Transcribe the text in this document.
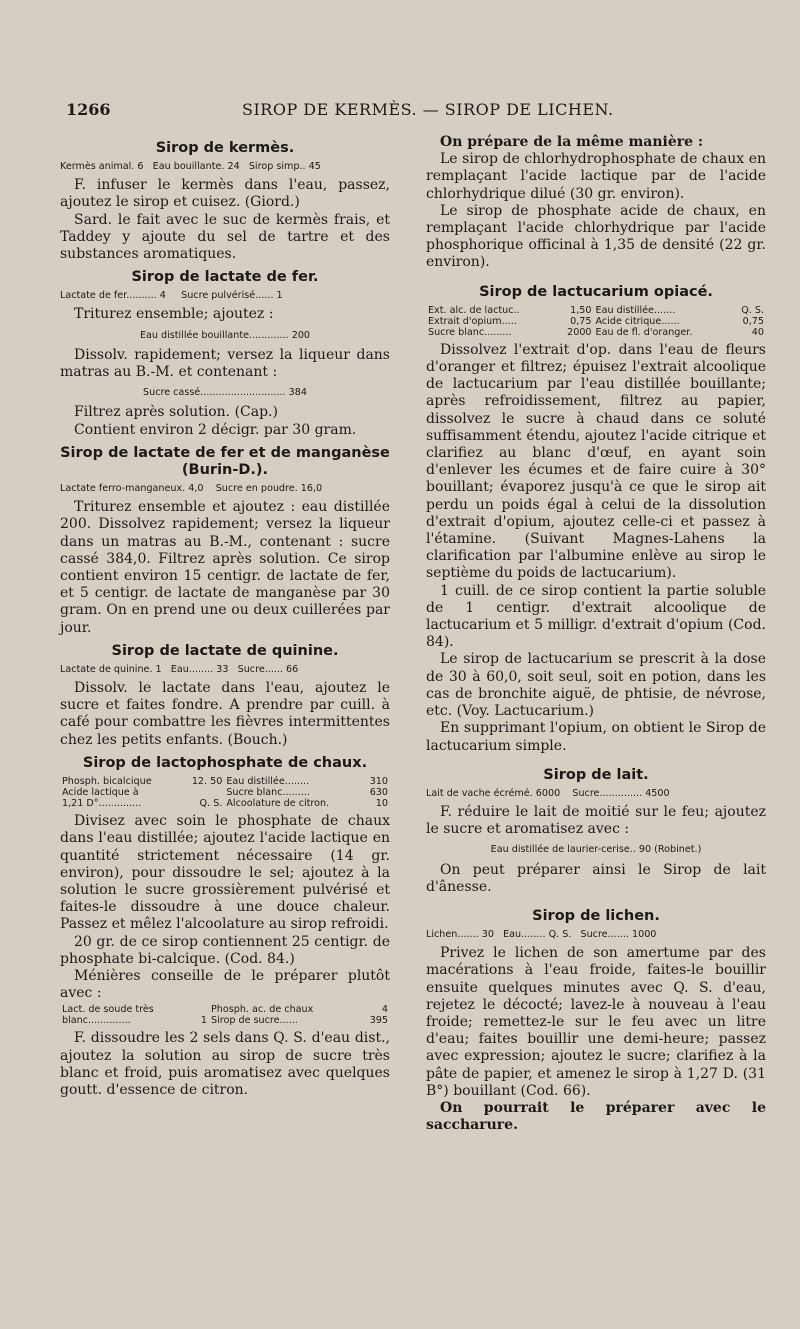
1266	SIROP DE KERMÈS. — SIROP DE LICHEN.
Sirop de kermès.
Kermès animal. 6   Eau bouillante. 24   Sirop simp.. 45

F. infuser le kermès dans l'eau, passez, ajoutez le sirop et cuisez. (Giord.)

Sard. le fait avec le suc de kermès frais, et Taddey y ajoute du sel de tartre et des substances aromatiques.

Sirop de lactate de fer.
Lactate de fer.......... 4     Sucre pulvérisé...... 1

Triturez ensemble; ajoutez :

Eau distillée bouillante............. 200

Dissolv. rapidement; versez la liqueur dans matras au B.-M. et contenant :

Sucre cassé............................ 384

Filtrez après solution. (Cap.)

Contient environ 2 décigr. par 30 gram.

Sirop de lactate de fer et de manganèse (Burin-D.).
Lactate ferro-manganeux. 4,0    Sucre en poudre. 16,0

Triturez ensemble et ajoutez : eau distillée 200. Dissolvez rapidement; versez la liqueur dans un matras au B.-M., contenant : sucre cassé 384,0. Filtrez après solution. Ce sirop contient environ 15 centigr. de lactate de fer, et 5 centigr. de lactate de manganèse par 30 gram. On en prend une ou deux cuillerées par jour.

Sirop de lactate de quinine.
Lactate de quinine. 1   Eau........ 33   Sucre...... 66

Dissolv. le lactate dans l'eau, ajoutez le sucre et faites fondre. A prendre par cuill. à café pour combattre les fièvres intermittentes chez les petits enfants. (Bouch.)

Sirop de lactophosphate de chaux.
Phosph. bicalcique	12. 50	Eau distillée........	310
Acide lactique à		Sucre blanc.........	630
1,21 D°..............	Q. S.	Alcoolature de citron.	10

Divisez avec soin le phosphate de chaux dans l'eau distillée; ajoutez l'acide lactique en quantité strictement nécessaire (14 gr. environ), pour dissoudre le sel; ajoutez à la solution le sucre grossièrement pulvérisé et faites-le dissoudre à une douce chaleur. Passez et mêlez l'alcoolature au sirop refroidi.

20 gr. de ce sirop contiennent 25 centigr. de phosphate bi-calcique. (Cod. 84.)

Ménières conseille de le préparer plutôt avec :

Lact. de soude très		Phosph. ac. de chaux	4
blanc..............	1	Sirop de sucre......	395

F. dissoudre les 2 sels dans Q. S. d'eau dist., ajoutez la solution au sirop de sucre très blanc et froid, puis aromatisez avec quelques goutt. d'essence de citron.

On prépare de la même manière :

Le sirop de chlorhydrophosphate de chaux en remplaçant l'acide lactique par de l'acide chlorhydrique dilué (30 gr. environ).

Le sirop de phosphate acide de chaux, en remplaçant l'acide chlorhydrique par l'acide phosphorique officinal à 1,35 de densité (22 gr. environ).

Sirop de lactucarium opiacé.
Ext. alc. de lactuc..	1,50	Eau distillée.......	Q. S.
Extrait d'opium.....	0,75	Acide citrique......	0,75
Sucre blanc.........	2000	Eau de fl. d'oranger.	40

Dissolvez l'extrait d'op. dans l'eau de fleurs d'oranger et filtrez; épuisez l'extrait alcoolique de lactucarium par l'eau distillée bouillante; après refroidissement, filtrez au papier, dissolvez le sucre à chaud dans ce soluté suffisamment étendu, ajoutez l'acide citrique et clarifiez au blanc d'œuf, en ayant soin d'enlever les écumes et de faire cuire à 30° bouillant; évaporez jusqu'à ce que le sirop ait perdu un poids égal à celui de la dissolution d'extrait d'opium, ajoutez celle-ci et passez à l'étamine. (Suivant Magnes-Lahens la clarification par l'albumine enlève au sirop le septième du poids de lactucarium).

1 cuill. de ce sirop contient la partie soluble de 1 centigr. d'extrait alcoolique de lactucarium et 5 milligr. d'extrait d'opium (Cod. 84).

Le sirop de lactucarium se prescrit à la dose de 30 à 60,0, soit seul, soit en potion, dans les cas de bronchite aiguë, de phtisie, de névrose, etc. (Voy. Lactucarium.)

En supprimant l'opium, on obtient le Sirop de lactucarium simple.

Sirop de lait.
Lait de vache écrémé. 6000    Sucre.............. 4500

F. réduire le lait de moitié sur le feu; ajoutez le sucre et aromatisez avec :

Eau distillée de laurier-cerise.. 90 (Robinet.)

On peut préparer ainsi le Sirop de lait d'ânesse.

Sirop de lichen.
Lichen....... 30   Eau........ Q. S.   Sucre....... 1000

Privez le lichen de son amertume par des macérations à l'eau froide, faites-le bouillir ensuite quelques minutes avec Q. S. d'eau, rejetez le décocté; lavez-le à nouveau à l'eau froide; remettez-le sur le feu avec un litre d'eau; faites bouillir une demi-heure; passez avec expression; ajoutez le sucre; clarifiez à la pâte de papier, et amenez le sirop à 1,27 D. (31 B°) bouillant (Cod. 66).

On pourrait le préparer avec le saccharure.
